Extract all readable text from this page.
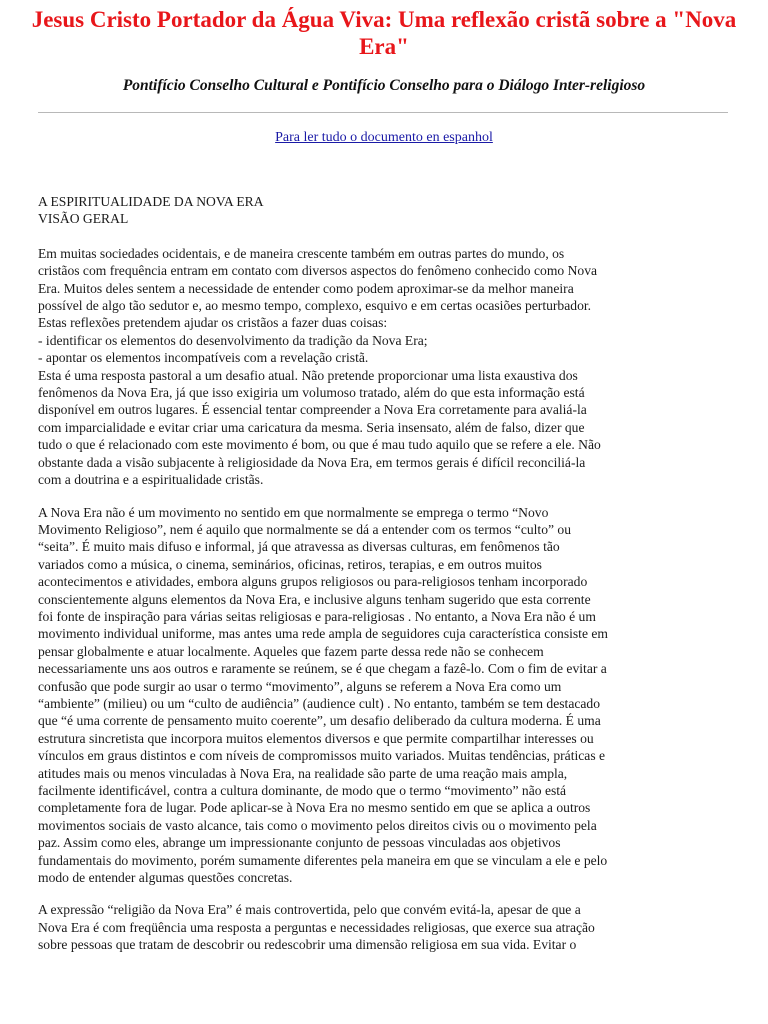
Jesus Cristo Portador da Água Viva: Uma reflexão cristã sobre a "Nova Era"

Pontifício Conselho Cultural e Pontifício Conselho para o Diálogo Inter-religioso

Para ler tudo o documento en espanhol

A ESPIRITUALIDADE DA NOVA ERA
VISÃO GERAL
Em muitas sociedades ocidentais, e de maneira crescente também em outras partes do mundo, os
cristãos com frequência entram em contato com diversos aspectos do fenômeno conhecido como Nova
Era. Muitos deles sentem a necessidade de entender como podem aproximar-se da melhor maneira
possível de algo tão sedutor e, ao mesmo tempo, complexo, esquivo e em certas ocasiões perturbador.
Estas reflexões pretendem ajudar os cristãos a fazer duas coisas:
- identificar os elementos do desenvolvimento da tradição da Nova Era;
- apontar os elementos incompatíveis com a revelação cristã.
Esta é uma resposta pastoral a um desafio atual. Não pretende proporcionar uma lista exaustiva dos
fenômenos da Nova Era, já que isso exigiria um volumoso tratado, além do que esta informação está
disponível em outros lugares. É essencial tentar compreender a Nova Era corretamente para avaliá-la
com imparcialidade e evitar criar uma caricatura da mesma. Seria insensato, além de falso, dizer que
tudo o que é relacionado com este movimento é bom, ou que é mau tudo aquilo que se refere a ele. Não
obstante dada a visão subjacente à religiosidade da Nova Era, em termos gerais é difícil reconciliá-la
com a doutrina e a espiritualidade cristãs.
A Nova Era não é um movimento no sentido em que normalmente se emprega o termo “Novo
Movimento Religioso”, nem é aquilo que normalmente se dá a entender com os termos “culto” ou
“seita”. É muito mais difuso e informal, já que atravessa as diversas culturas, em fenômenos tão
variados como a música, o cinema, seminários, oficinas, retiros, terapias, e em outros muitos
acontecimentos e atividades, embora alguns grupos religiosos ou para-religiosos tenham incorporado
conscientemente alguns elementos da Nova Era, e inclusive alguns tenham sugerido que esta corrente
foi fonte de inspiração para várias seitas religiosas e para-religiosas . No entanto, a Nova Era não é um
movimento individual uniforme, mas antes uma rede ampla de seguidores cuja característica consiste em
pensar globalmente e atuar localmente. Aqueles que fazem parte dessa rede não se conhecem
necessariamente uns aos outros e raramente se reúnem, se é que chegam a fazê-lo. Com o fim de evitar a
confusão que pode surgir ao usar o termo “movimento”, alguns se referem a Nova Era como um
“ambiente” (milieu) ou um “culto de audiência” (audience cult) . No entanto, também se tem destacado
que “é uma corrente de pensamento muito coerente”, um desafio deliberado da cultura moderna. É uma
estrutura sincretista que incorpora muitos elementos diversos e que permite compartilhar interesses ou
vínculos em graus distintos e com níveis de compromissos muito variados. Muitas tendências, práticas e
atitudes mais ou menos vinculadas à Nova Era, na realidade são parte de uma reação mais ampla,
facilmente identificável, contra a cultura dominante, de modo que o termo “movimento” não está
completamente fora de lugar. Pode aplicar-se à Nova Era no mesmo sentido em que se aplica a outros
movimentos sociais de vasto alcance, tais como o movimento pelos direitos civis ou o movimento pela
paz. Assim como eles, abrange um impressionante conjunto de pessoas vinculadas aos objetivos
fundamentais do movimento, porém sumamente diferentes pela maneira em que se vinculam a ele e pelo
modo de entender algumas questões concretas.
A expressão “religião da Nova Era” é mais controvertida, pelo que convém evitá-la, apesar de que a
Nova Era é com freqüência uma resposta a perguntas e necessidades religiosas, que exerce sua atração
sobre pessoas que tratam de descobrir ou redescobrir uma dimensão religiosa em sua vida. Evitar o
